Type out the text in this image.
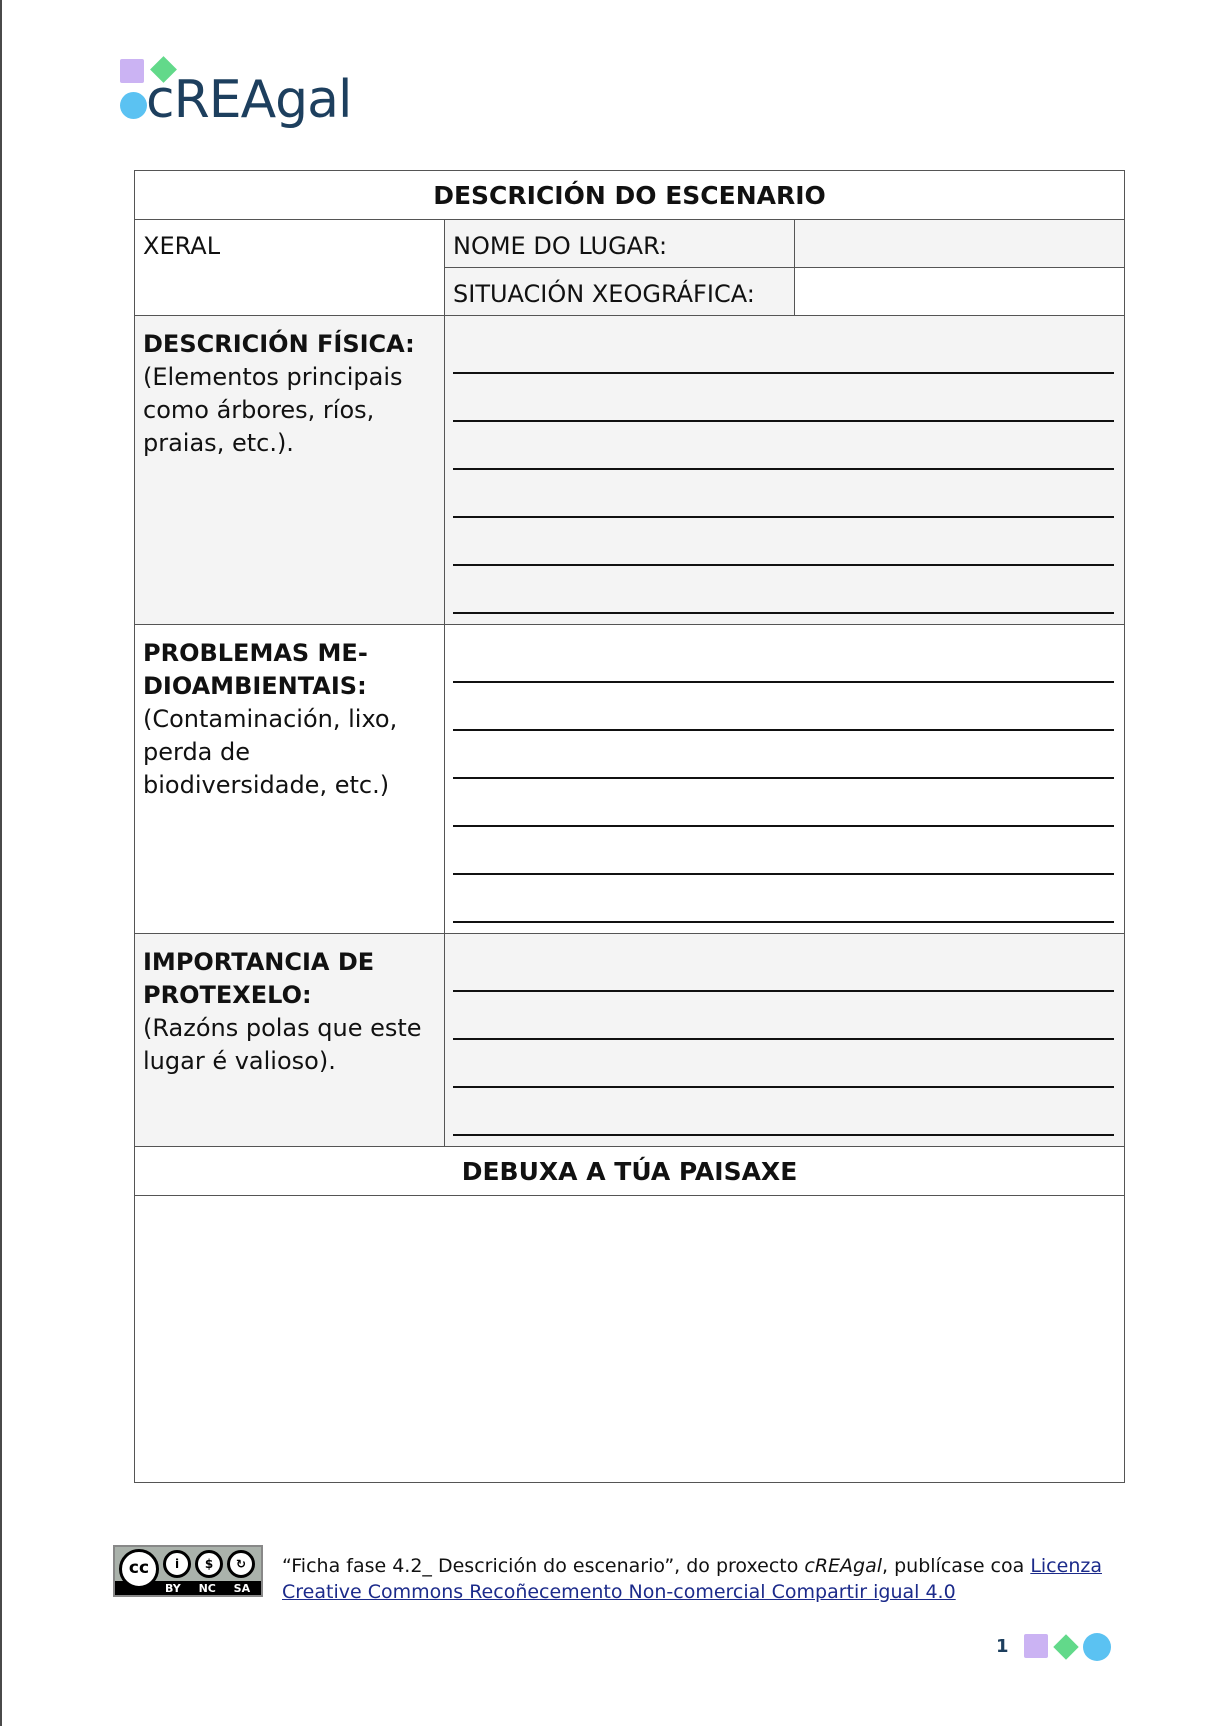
cREAgal
DESCRICIÓN DO ESCENARIO		
XERAL	NOME DO LUGAR:	
	SITUACIÓN XEOGRÁFICA:	
DESCRICIÓN FÍSICA:
(Elementos principais como árbores, ríos, praias, etc.).		

PROBLEMAS ME-DIOAMBIENTAIS:
(Contaminación, lixo, perda de biodiversidade, etc.)		

IMPORTANCIA DE PROTEXELO:
(Razóns polas que este lugar é valioso).		

DEBUXA A TÚA PAISAXE		

cc	i	$	↻
BY NC SA
“Ficha fase 4.2_ Descrición do escenario”, do proxecto cREAgal, publícase coa Licenza Creative Commons Recoñecemento Non-comercial Compartir igual 4.0
1
